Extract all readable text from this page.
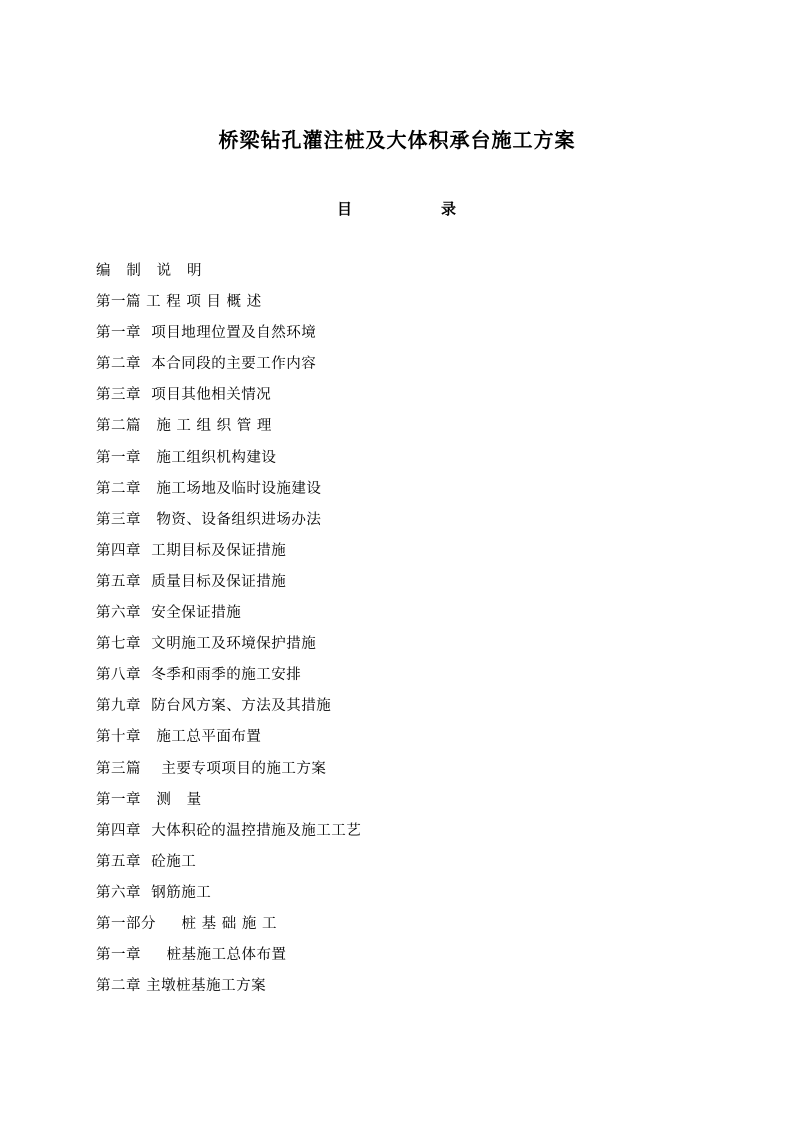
桥梁钻孔灌注桩及大体积承台施工方案
目	录
编   制   说   明
第一篇 工 程 项 目 概 述
第一章  项目地理位置及自然环境
第二章  本合同段的主要工作内容
第三章  项目其他相关情况
第二篇   施 工 组 织 管 理
第一章   施工组织机构建设
第二章   施工场地及临时设施建设
第三章   物资、设备组织进场办法
第四章  工期目标及保证措施
第五章  质量目标及保证措施
第六章  安全保证措施
第七章  文明施工及环境保护措施
第八章  冬季和雨季的施工安排
第九章  防台风方案、方法及其措施
第十章   施工总平面布置
第三篇    主要专项项目的施工方案
第一章   测   量
第四章  大体积砼的温控措施及施工工艺
第五章  砼施工
第六章  钢筋施工
第一部分     桩 基 础 施 工
第一章     桩基施工总体布置
第二章 主墩桩基施工方案
